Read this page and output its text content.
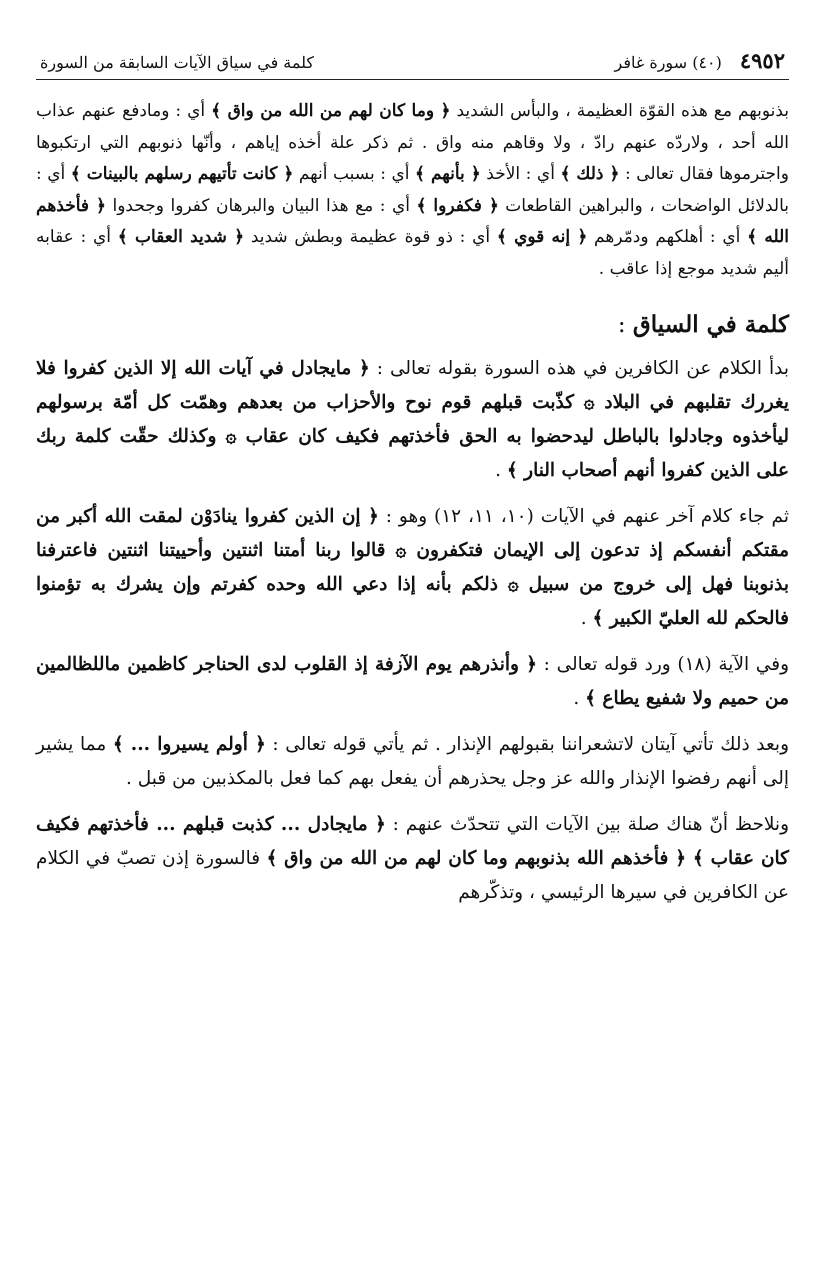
٤٩٥٢
(٤٠) سورة غافر
كلمة في سياق الآيات السابقة من السورة

بذنوبهم مع هذه القوّة العظيمة ، والبأس الشديد ﴿ وما كان لهم من الله من واق ﴾ أي : ومادفع عنهم عذاب الله أحد ، ولاردّه عنهم رادّ ، ولا وقاهم منه واق . ثم ذكر علة أخذه إياهم ، وأنّها ذنوبهم التي ارتكبوها واجترموها فقال تعالى : ﴿ ذلك ﴾ أي : الأخذ ﴿ بأنهم ﴾ أي : بسبب أنهم ﴿ كانت تأتيهم رسلهم بالبينات ﴾ أي : بالدلائل الواضحات ، والبراهين القاطعات ﴿ فكفروا ﴾ أي : مع هذا البيان والبرهان كفروا وجحدوا ﴿ فأخذهم الله ﴾ أي : أهلكهم ودمّرهم ﴿ إنه قوي ﴾ أي : ذو قوة عظيمة وبطش شديد ﴿ شديد العقاب ﴾ أي : عقابه أليم شديد موجع إذا عاقب .

كلمة في السياق :

بدأ الكلام عن الكافرين في هذه السورة بقوله تعالى : ﴿ مايجادل في آيات الله إلا الذين كفروا فلا يغررك تقلبهم في البلاد ۞ كذّبت قبلهم قوم نوح والأحزاب من بعدهم وهمّت كل أمّة برسولهم ليأخذوه وجادلوا بالباطل ليدحضوا به الحق فأخذتهم فكيف كان عقاب ۞ وكذلك حقّت كلمة ربك على الذين كفروا أنهم أصحاب النار ﴾ .

ثم جاء كلام آخر عنهم في الآيات (١٠، ١١، ١٢) وهو : ﴿ إن الذين كفروا ينادَوْن لمقت الله أكبر من مقتكم أنفسكم إذ تدعون إلى الإيمان فتكفرون ۞ قالوا ربنا أمتنا اثنتين وأحييتنا اثنتين فاعترفنا بذنوبنا فهل إلى خروج من سبيل ۞ ذلكم بأنه إذا دعي الله وحده كفرتم وإن يشرك به تؤمنوا فالحكم لله العليّ الكبير ﴾ .

وفي الآية (١٨) ورد قوله تعالى : ﴿ وأنذرهم يوم الآزفة إذ القلوب لدى الحناجر كاظمين ماللظالمين من حميم ولا شفيع يطاع ﴾ .

وبعد ذلك تأتي آيتان لاتشعراننا بقبولهم الإنذار . ثم يأتي قوله تعالى : ﴿ أولم يسيروا ... ﴾ مما يشير إلى أنهم رفضوا الإنذار والله عز وجل يحذرهم أن يفعل بهم كما فعل بالمكذبين من قبل .

ونلاحظ أنّ هناك صلة بين الآيات التي تتحدّث عنهم : ﴿ مايجادل ... كذبت قبلهم ... فأخذتهم فكيف كان عقاب ﴾ ﴿ فأخذهم الله بذنوبهم وما كان لهم من الله من واق ﴾ فالسورة إذن تصبّ في الكلام عن الكافرين في سيرها الرئيسي ، وتذكّرهم
